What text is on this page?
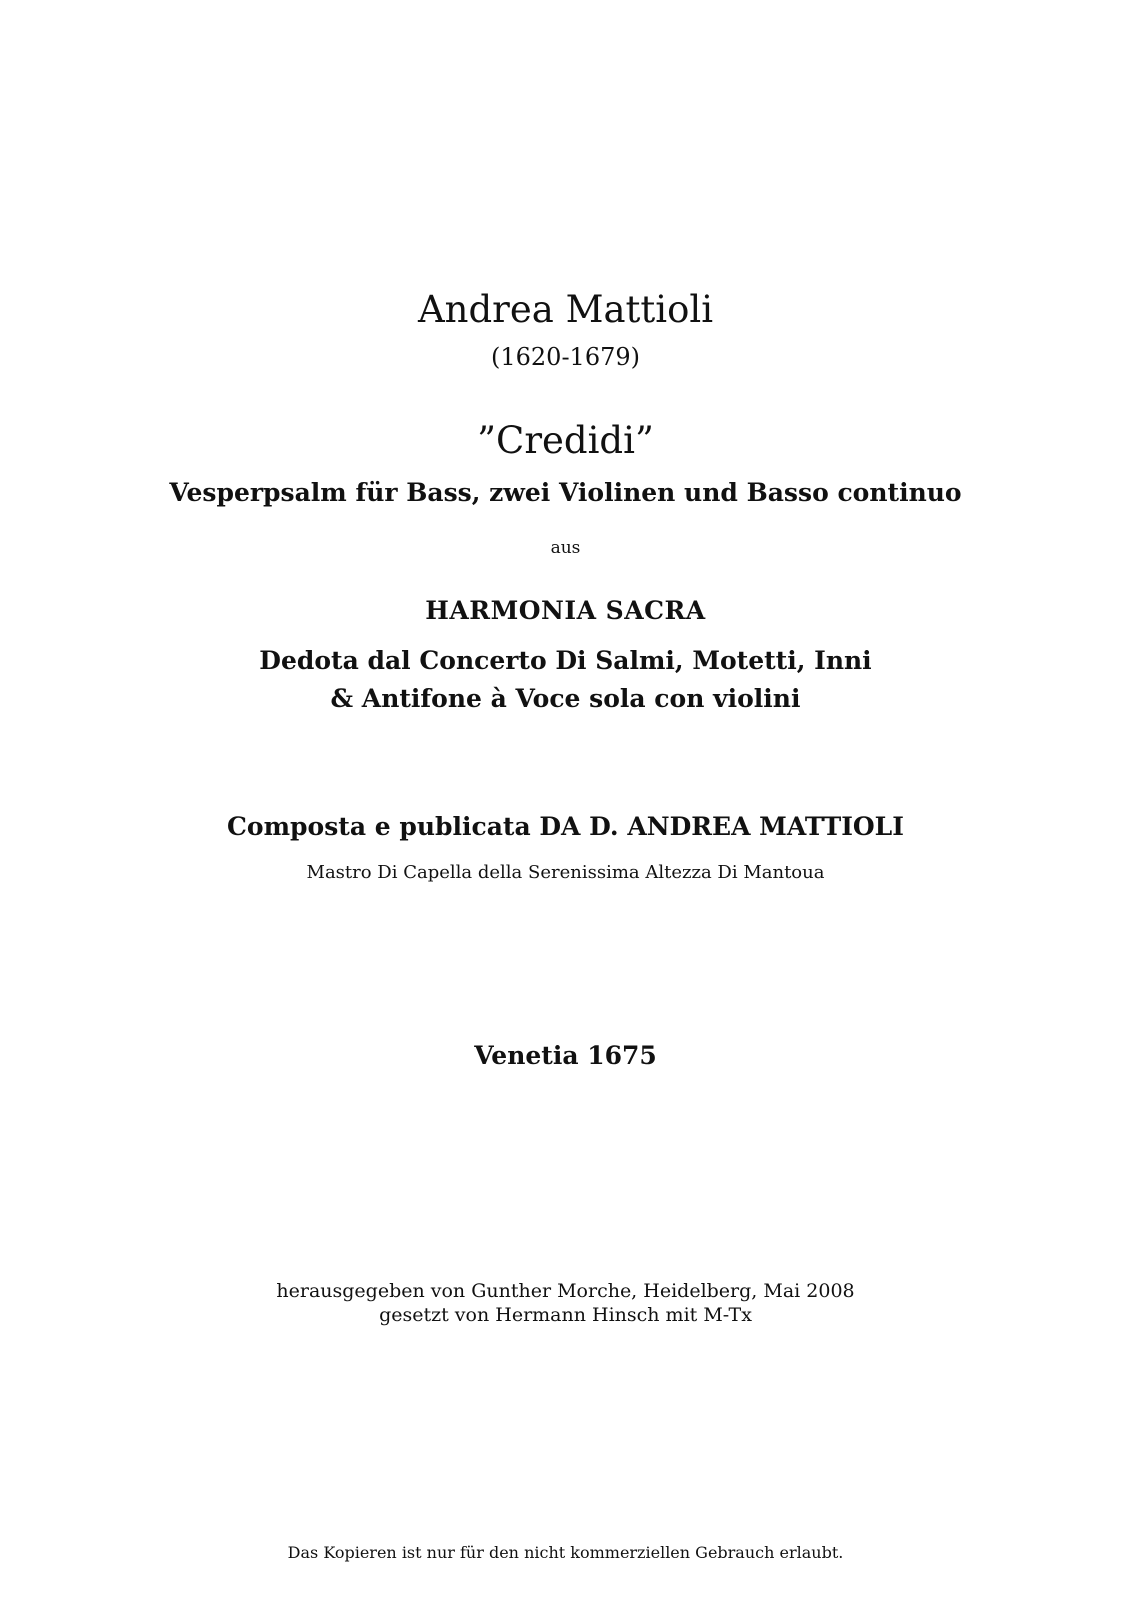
Andrea Mattioli
(1620-1679)
”Credidi”
Vesperpsalm für Bass, zwei Violinen und Basso continuo
aus
HARMONIA SACRA
Dedota dal Concerto Di Salmi, Motetti, Inni
& Antifone à Voce sola con violini
Composta e publicata DA D. ANDREA MATTIOLI
Mastro Di Capella della Serenissima Altezza Di Mantoua
Venetia 1675
herausgegeben von Gunther Morche, Heidelberg, Mai 2008
gesetzt von Hermann Hinsch mit M-Tx
Das Kopieren ist nur für den nicht kommerziellen Gebrauch erlaubt.
